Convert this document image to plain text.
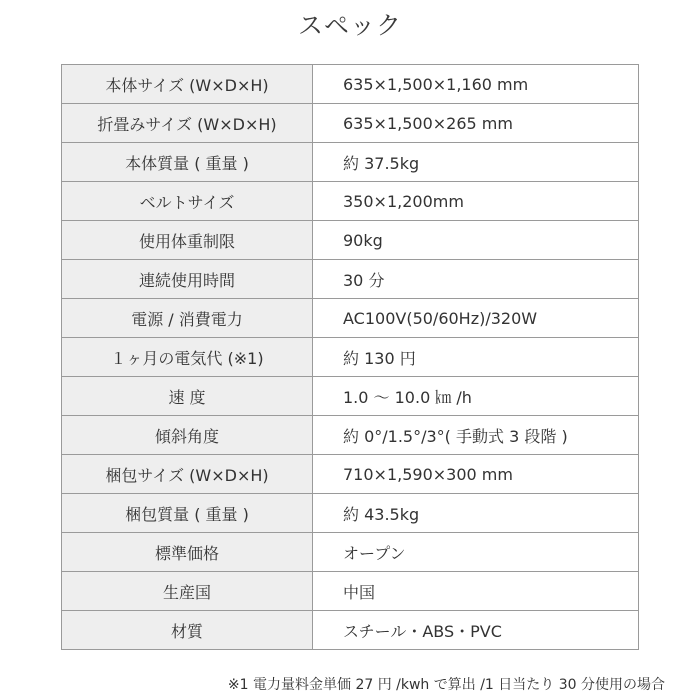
スペック
本体サイズ (W×D×H)	635×1,500×1,160 mm
折畳みサイズ (W×D×H)	635×1,500×265 mm
本体質量 ( 重量 )	約 37.5kg
ベルトサイズ	350×1,200mm
使用体重制限	90kg
連続使用時間	30 分
電源 / 消費電力	AC100V(50/60Hz)/320W
１ヶ月の電気代 (※1)	約 130 円
速 度	1.0 ～ 10.0 ㎞ /h
傾斜角度	約 0°/1.5°/3°( 手動式 3 段階 )
梱包サイズ (W×D×H)	710×1,590×300 mm
梱包質量 ( 重量 )	約 43.5kg
標準価格	オープン
生産国	中国
材質	スチール・ABS・PVC
※1 電力量料金単価 27 円 /kwh で算出 /1 日当たり 30 分使用の場合
